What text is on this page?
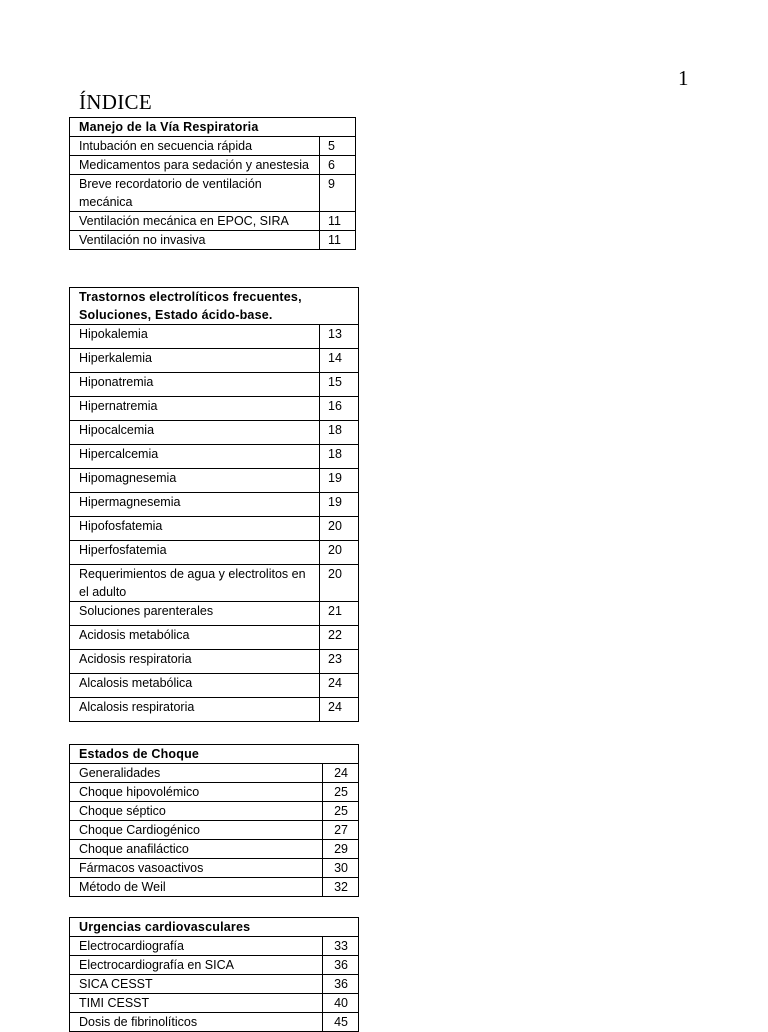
1
ÍNDICE
Manejo de la Vía Respiratoria	
Intubación en secuencia rápida	5
Medicamentos para sedación y anestesia	6
Breve recordatorio de ventilación mecánica	9
Ventilación mecánica en EPOC, SIRA	11
Ventilación no invasiva	11
Trastornos electrolíticos frecuentes, Soluciones, Estado ácido-base.	
Hipokalemia	13
Hiperkalemia	14
Hiponatremia	15
Hipernatremia	16
Hipocalcemia	18
Hipercalcemia	18
Hipomagnesemia	19
Hipermagnesemia	19
Hipofosfatemia	20
Hiperfosfatemia	20
Requerimientos de agua y electrolitos en el adulto	20
Soluciones parenterales	21
Acidosis metabólica	22
Acidosis respiratoria	23
Alcalosis metabólica	24
Alcalosis respiratoria	24
Estados de Choque	
Generalidades	24
Choque hipovolémico	25
Choque séptico	25
Choque Cardiogénico	27
Choque anafiláctico	29
Fármacos vasoactivos	30
Método de Weil	32
Urgencias cardiovasculares	
Electrocardiografía	33
Electrocardiografía en SICA	36
SICA CESST	36
TIMI CESST	40
Dosis de fibrinolíticos	45
